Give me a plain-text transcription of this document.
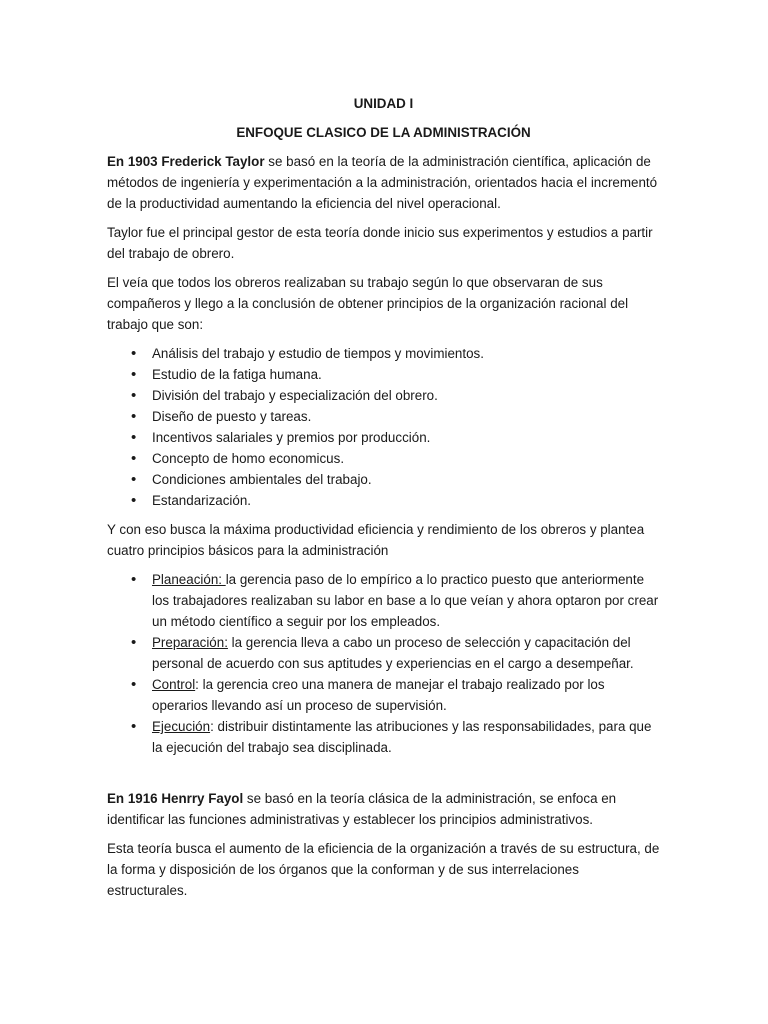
UNIDAD I

ENFOQUE CLASICO DE LA ADMINISTRACIÓN

En 1903 Frederick Taylor se basó en la teoría de la administración científica, aplicación de métodos de ingeniería y experimentación a la administración, orientados hacia el incrementó de la productividad aumentando la eficiencia del nivel operacional.

Taylor fue el principal gestor de esta teoría donde inicio sus experimentos y estudios a partir del trabajo de obrero.

El veía que todos los obreros realizaban su trabajo según lo que observaran de sus compañeros y llego a la conclusión de obtener principios de la organización racional del trabajo que son:

• Análisis del trabajo y estudio de tiempos y movimientos.
• Estudio de la fatiga humana.
• División del trabajo y especialización del obrero.
• Diseño de puesto y tareas.
• Incentivos salariales y premios por producción.
• Concepto de homo economicus.
• Condiciones ambientales del trabajo.
• Estandarización.

Y con eso busca la máxima productividad eficiencia y rendimiento de los obreros y plantea cuatro principios básicos para la administración

• Planeación: la gerencia paso de lo empírico a lo practico puesto que anteriormente los trabajadores realizaban su labor en base a lo que veían y ahora optaron por crear un método científico a seguir por los empleados.
• Preparación: la gerencia lleva a cabo un proceso de selección y capacitación del personal de acuerdo con sus aptitudes y experiencias en el cargo a desempeñar.
• Control: la gerencia creo una manera de manejar el trabajo realizado por los operarios llevando así un proceso de supervisión.
• Ejecución: distribuir distintamente las atribuciones y las responsabilidades, para que la ejecución del trabajo sea disciplinada.

En 1916 Henrry Fayol se basó en la teoría clásica de la administración, se enfoca en identificar las funciones administrativas y establecer los principios administrativos.

Esta teoría busca el aumento de la eficiencia de la organización a través de su estructura, de la forma y disposición de los órganos que la conforman y de sus interrelaciones estructurales.
